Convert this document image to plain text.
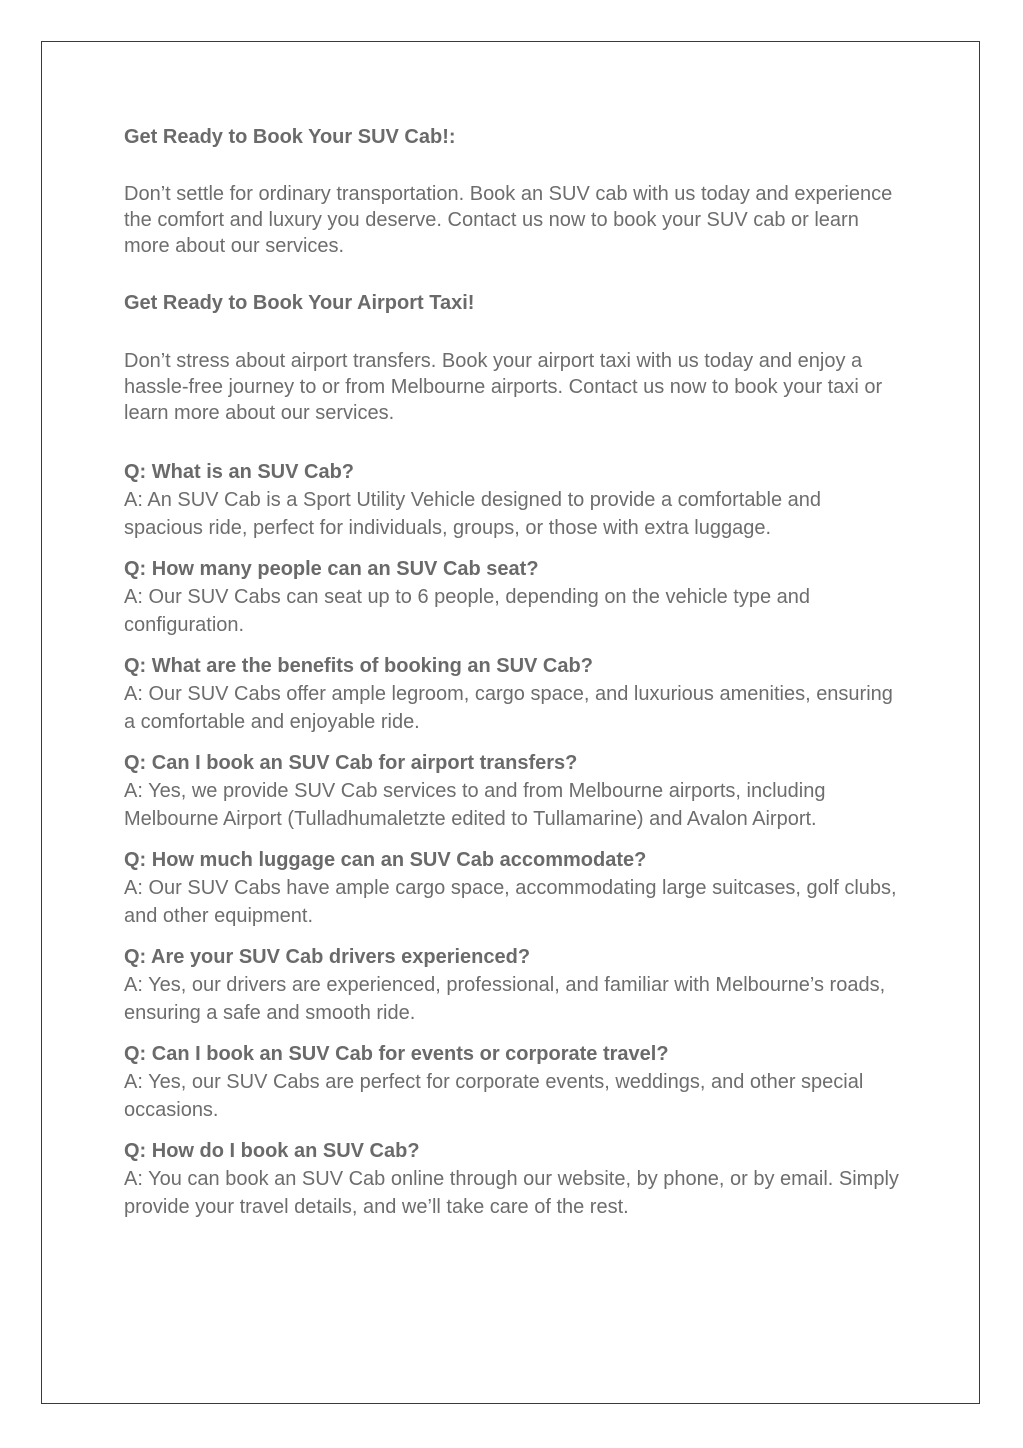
Get Ready to Book Your SUV Cab!:

Don’t settle for ordinary transportation. Book an SUV cab with us today and experience the comfort and luxury you deserve. Contact us now to book your SUV cab or learn more about our services.

Get Ready to Book Your Airport Taxi!

Don’t stress about airport transfers. Book your airport taxi with us today and enjoy a hassle-free journey to or from Melbourne airports. Contact us now to book your taxi or learn more about our services.

Q: What is an SUV Cab?

A: An SUV Cab is a Sport Utility Vehicle designed to provide a comfortable and spacious ride, perfect for individuals, groups, or those with extra luggage.

Q: How many people can an SUV Cab seat?

A: Our SUV Cabs can seat up to 6 people, depending on the vehicle type and configuration.

Q: What are the benefits of booking an SUV Cab?

A: Our SUV Cabs offer ample legroom, cargo space, and luxurious amenities, ensuring a comfortable and enjoyable ride.

Q: Can I book an SUV Cab for airport transfers?

A: Yes, we provide SUV Cab services to and from Melbourne airports, including Melbourne Airport (Tulladhumaletzte edited to Tullamarine) and Avalon Airport.

Q: How much luggage can an SUV Cab accommodate?

A: Our SUV Cabs have ample cargo space, accommodating large suitcases, golf clubs, and other equipment.

Q: Are your SUV Cab drivers experienced?

A: Yes, our drivers are experienced, professional, and familiar with Melbourne’s roads, ensuring a safe and smooth ride.

Q: Can I book an SUV Cab for events or corporate travel?

A: Yes, our SUV Cabs are perfect for corporate events, weddings, and other special occasions.

Q: How do I book an SUV Cab?

A: You can book an SUV Cab online through our website, by phone, or by email. Simply provide your travel details, and we’ll take care of the rest.
